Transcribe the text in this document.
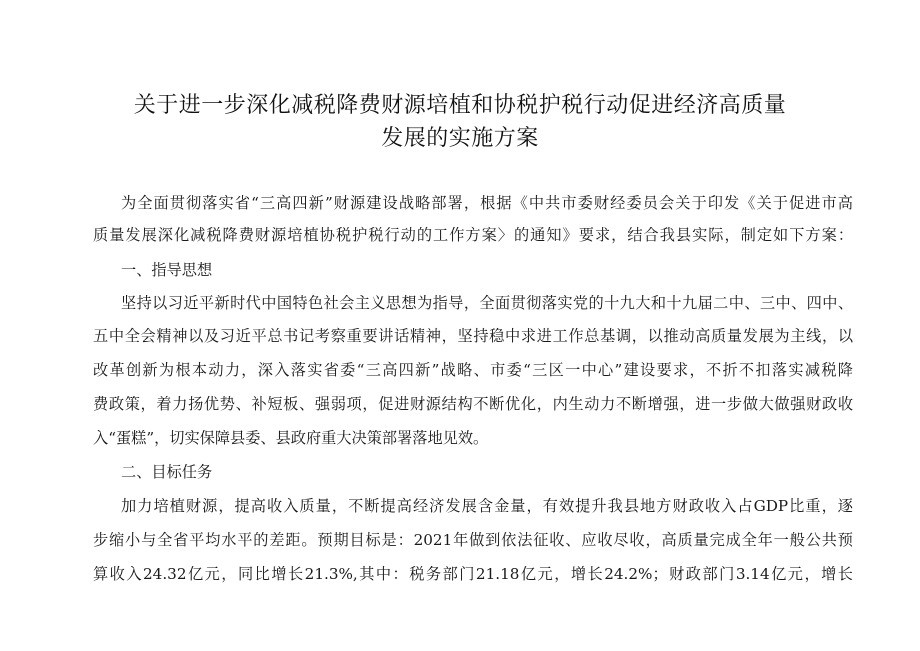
关于进一步深化减税降费财源培植和协税护税行动促进经济高质量
发展的实施方案
为全面贯彻落实省“三高四新”财源建设战略部署，根据《中共市委财经委员会关于印发《关于促进市高
质量发展深化减税降费财源培植协税护税行动的工作方案〉的通知》要求，结合我县实际，制定如下方案：
一、指导思想
坚持以习近平新时代中国特色社会主义思想为指导，全面贯彻落实党的十九大和十九届二中、三中、四中、
五中全会精神以及习近平总书记考察重要讲话精神，坚持稳中求进工作总基调，以推动高质量发展为主线，以
改革创新为根本动力，深入落实省委“三高四新”战略、市委“三区一中心”建设要求，不折不扣落实减税降
费政策，着力扬优势、补短板、强弱项，促进财源结构不断优化，内生动力不断增强，进一步做大做强财政收
入“蛋糕”，切实保障县委、县政府重大决策部署落地见效。
二、目标任务
加力培植财源，提高收入质量，不断提高经济发展含金量，有效提升我县地方财政收入占GDP比重，逐
步缩小与全省平均水平的差距。预期目标是：2021年做到依法征收、应收尽收，高质量完成全年一般公共预
算收入24.32亿元，同比增长21.3%,其中：税务部门21.18亿元，增长24.2%；财政部门3.14亿元，增长
